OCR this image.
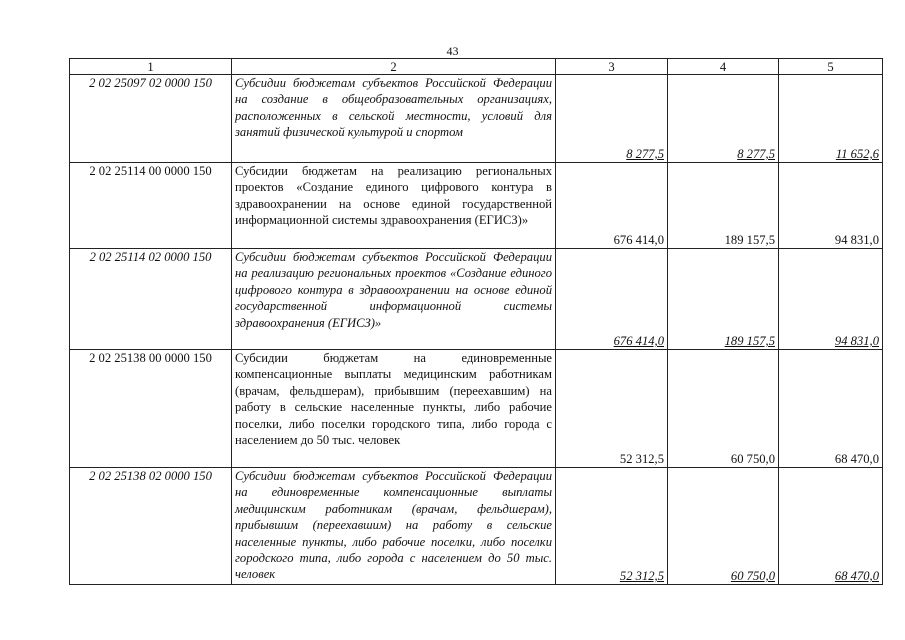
43
1	2	3	4	5
2 02 25097 02 0000 150	Субсидии бюджетам субъектов Российской Федерации на создание в общеобразовательных организациях, расположенных в сельской местности, условий для занятий физической культурой и спортом	8 277,5	8 277,5	11 652,6
2 02 25114 00 0000 150	Субсидии бюджетам на реализацию региональных проектов «Создание единого цифрового контура в здравоохранении на основе единой государственной информационной системы здравоохранения (ЕГИСЗ)»	676 414,0	189 157,5	94 831,0
2 02 25114 02 0000 150	Субсидии бюджетам субъектов Российской Федерации на реализацию региональных проектов «Создание единого цифрового контура в здравоохранении на основе единой государственной информационной системы здравоохранения (ЕГИСЗ)»	676 414,0	189 157,5	94 831,0
2 02 25138 00 0000 150	Субсидии бюджетам на единовременные компенсационные выплаты медицинским работникам (врачам, фельдшерам), прибывшим (переехавшим) на работу в сельские населенные пункты, либо рабочие поселки, либо поселки городского типа, либо города с населением до 50 тыс. человек	52 312,5	60 750,0	68 470,0
2 02 25138 02 0000 150	Субсидии бюджетам субъектов Российской Федерации на единовременные компенсационные выплаты медицинским работникам (врачам, фельдшерам), прибывшим (переехавшим) на работу в сельские населенные пункты, либо рабочие поселки, либо поселки городского типа, либо города с населением до 50 тыс. человек	52 312,5	60 750,0	68 470,0
